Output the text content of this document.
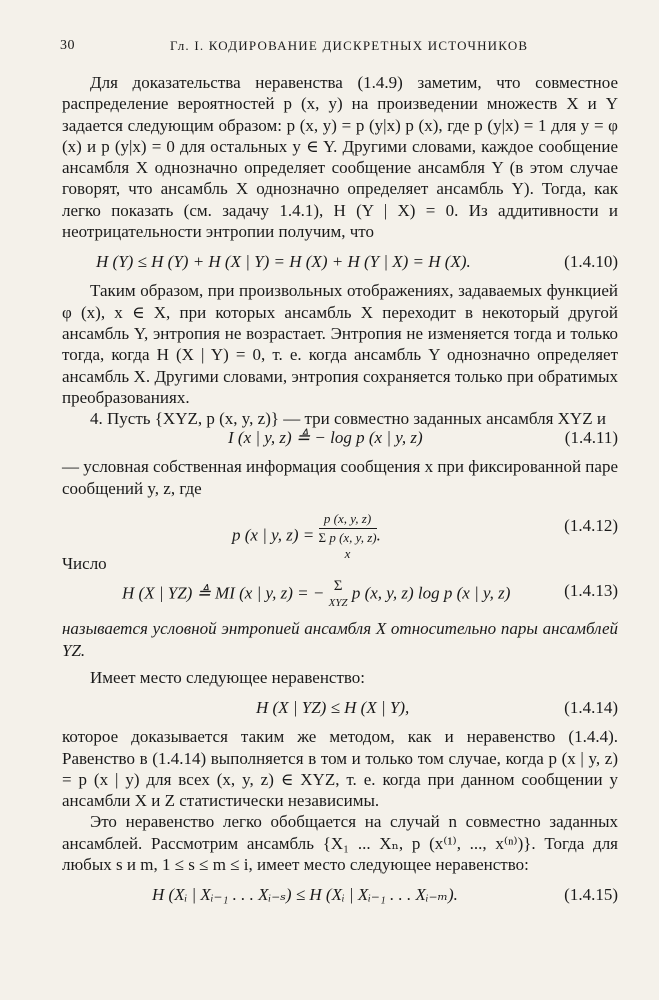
30	Гл. I. КОДИРОВАНИЕ ДИСКРЕТНЫХ ИСТОЧНИКОВ

Для доказательства неравенства (1.4.9) заметим, что совместное распределение вероятностей p (x, y) на произведении множеств X и Y задается следующим образом: p (x, y) = p (y|x) p (x), где p (y|x) = 1 для y = φ (x) и p (y|x) = 0 для остальных y ∈ Y. Другими словами, каждое сообщение ансамбля X однозначно определяет сообщение ансамбля Y (в этом случае говорят, что ансамбль X однозначно определяет ансамбль Y). Тогда, как легко показать (см. задачу 1.4.1), H (Y | X) = 0. Из аддитивности и неотрицательности энтропии получим, что

H (Y) ≤ H (Y) + H (X | Y) = H (X) + H (Y | X) = H (X).	(1.4.10)

Таким образом, при произвольных отображениях, задаваемых функцией φ (x), x ∈ X, при которых ансамбль X переходит в некоторый другой ансамбль Y, энтропия не возрастает. Энтропия не изменяется тогда и только тогда, когда H (X | Y) = 0, т. е. когда ансамбль Y однозначно определяет ансамбль X. Другими словами, энтропия сохраняется только при обратимых преобразованиях.

4. Пусть {XYZ, p (x, y, z)} — три совместно заданных ансамбля XYZ и

I (x | y, z) ≜ − log p (x | y, z)	(1.4.11)

— условная собственная информация сообщения x при фиксированной паре сообщений y, z, где

p (x | y, z) =
p (x, y, z)
Σ p (x, y, z)
x
.	(1.4.12)

Число

H (X | YZ) ≜ MI (x | y, z) = − Σ
XYZ p (x, y, z) log p (x | y, z)	(1.4.13)

называется условной энтропией ансамбля X относительно пары ансамблей YZ.

Имеет место следующее неравенство:

H (X | YZ) ≤ H (X | Y),	(1.4.14)

которое доказывается таким же методом, как и неравенство (1.4.4). Равенство в (1.4.14) выполняется в том и только том случае, когда p (x | y, z) = p (x | y) для всех (x, y, z) ∈ XYZ, т. е. когда при данном сообщении y ансамбли X и Z статистически независимы.

Это неравенство легко обобщается на случай n совместно заданных ансамблей. Рассмотрим ансамбль {X₁ ... Xₙ, p (x⁽¹⁾, ..., x⁽ⁿ⁾)}. Тогда для любых s и m, 1 ≤ s ≤ m ≤ i, имеет место следующее неравенство:

H (Xᵢ | Xᵢ₋₁ . . . Xᵢ₋ₛ) ≤ H (Xᵢ | Xᵢ₋₁ . . . Xᵢ₋ₘ).	(1.4.15)
